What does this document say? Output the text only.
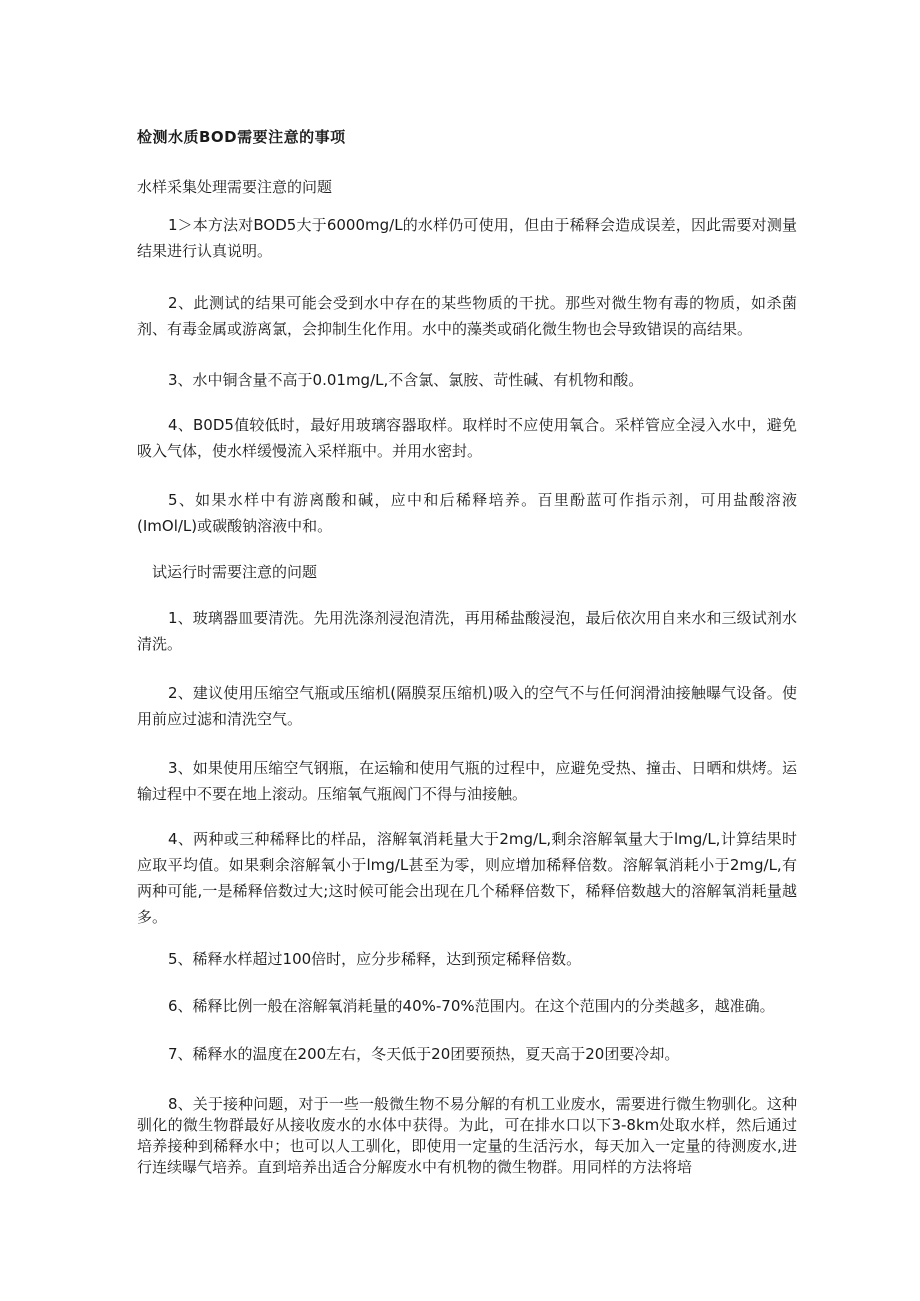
检测水质BOD需要注意的事项
水样采集处理需要注意的问题

1＞本方法对BOD5大于6000mg∕L的水样仍可使用，但由于稀释会造成误差，因此需要对测量结果进行认真说明。

2、此测试的结果可能会受到水中存在的某些物质的干扰。那些对微生物有毒的物质，如杀菌剂、有毒金属或游离氯，会抑制生化作用。水中的藻类或硝化微生物也会导致错误的高结果。

3、水中铜含量不高于0.01mg∕L,不含氯、氯胺、苛性碱、有机物和酸。

4、B0D5值较低时，最好用玻璃容器取样。取样时不应使用氧合。采样管应全浸入水中，避免吸入气体，使水样缓慢流入采样瓶中。并用水密封。

5、如果水样中有游离酸和碱，应中和后稀释培养。百里酚蓝可作指示剂，可用盐酸溶液(ImOl/L)或碳酸钠溶液中和。

试运行时需要注意的问题

1、玻璃器皿要清洗。先用洗涤剂浸泡清洗，再用稀盐酸浸泡，最后依次用自来水和三级试剂水清洗。

2、建议使用压缩空气瓶或压缩机(隔膜泵压缩机)吸入的空气不与任何润滑油接触曝气设备。使用前应过滤和清洗空气。

3、如果使用压缩空气钢瓶，在运输和使用气瓶的过程中，应避免受热、撞击、日晒和烘烤。运输过程中不要在地上滚动。压缩氧气瓶阀门不得与油接触。

4、两种或三种稀释比的样品，溶解氧消耗量大于2mg∕L,剩余溶解氧量大于lmg∕L,计算结果时应取平均值。如果剩余溶解氧小于lmg/L甚至为零，则应增加稀释倍数。溶解氧消耗小于2mg∕L,有两种可能,一是稀释倍数过大;这时候可能会出现在几个稀释倍数下，稀释倍数越大的溶解氧消耗量越多。

5、稀释水样超过100倍时，应分步稀释，达到预定稀释倍数。

6、稀释比例一般在溶解氧消耗量的40%-70%范围内。在这个范围内的分类越多，越准确。

7、稀释水的温度在200左右，冬天低于20团要预热，夏天高于20团要冷却。

8、关于接种问题，对于一些一般微生物不易分解的有机工业废水，需要进行微生物驯化。这种驯化的微生物群最好从接收废水的水体中获得。为此，可在排水口以下3-8km处取水样，然后通过培养接种到稀释水中；也可以人工驯化，即使用一定量的生活污水，每天加入一定量的待测废水,进行连续曝气培养。直到培养出适合分解废水中有机物的微生物群。用同样的方法将培
